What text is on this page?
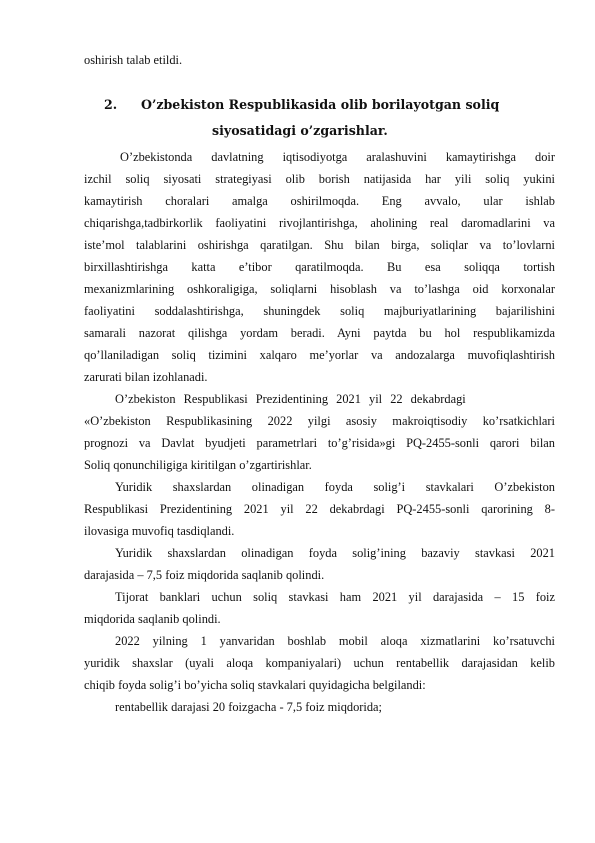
oshirish talab etildi.
2. O’zbekiston Respublikasida olib borilayotgan soliq
siyosatidagi o’zgarishlar.
O’zbekistonda davlatning iqtisodiyotga aralashuvini kamaytirishga doir
izchil soliq siyosati strategiyasi olib borish natijasida har yili soliq yukini
kamaytirish choralari amalga oshirilmoqda. Eng avvalo, ular ishlab
chiqarishga,tadbirkorlik faoliyatini rivojlantirishga, aholining real daromadlarini va
iste’mol talablarini oshirishga qaratilgan. Shu bilan birga, soliqlar va to’lovlarni
birxillashtirishga katta e’tibor qaratilmoqda. Bu esa soliqqa tortish
mexanizmlarining oshkoraligiga, soliqlarni hisoblash va to’lashga oid korxonalar
faoliyatini soddalashtirishga, shuningdek soliq majburiyatlarining bajarilishini
samarali nazorat qilishga yordam beradi. Ayni paytda bu hol respublikamizda
qo’llaniladigan soliq tizimini xalqaro me’yorlar va andozalarga muvofiqlashtirish
zarurati bilan izohlanadi.
O’zbekiston Respublikasi Prezidentining 2021 yil 22 dekabrdagi
«O’zbekiston Respublikasining 2022 yilgi asosiy makroiqtisodiy ko’rsatkichlari
prognozi va Davlat byudjeti parametrlari to’g’risida»gi PQ-2455-sonli qarori bilan
Soliq qonunchiligiga kiritilgan o’zgartirishlar.
Yuridik shaxslardan olinadigan foyda solig’i stavkalari O’zbekiston
Respublikasi Prezidentining 2021 yil 22 dekabrdagi PQ-2455-sonli qarorining 8-
ilovasiga muvofiq tasdiqlandi.
Yuridik shaxslardan olinadigan foyda solig’ining bazaviy stavkasi 2021
darajasida – 7,5 foiz miqdorida saqlanib qolindi.
Tijorat banklari uchun soliq stavkasi ham 2021 yil darajasida – 15 foiz
miqdorida saqlanib qolindi.
2022 yilning 1 yanvaridan boshlab mobil aloqa xizmatlarini ko’rsatuvchi
yuridik shaxslar (uyali aloqa kompaniyalari) uchun rentabellik darajasidan kelib
chiqib foyda solig’i bo’yicha soliq stavkalari quyidagicha belgilandi:
rentabellik darajasi 20 foizgacha - 7,5 foiz miqdorida;
